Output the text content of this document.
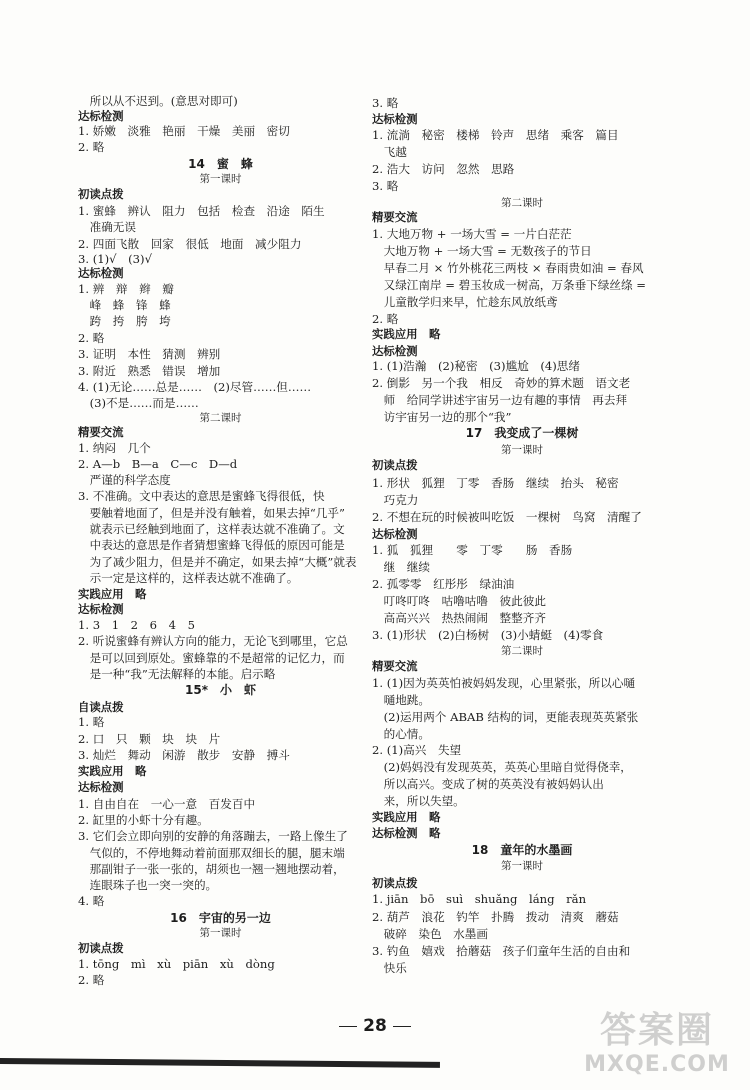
　所以从不迟到。(意思对即可)
达标检测
1. 娇嫩　淡雅　艳丽　干燥　美丽　密切
2. 略
14　蜜　蜂
第一课时
初读点拨
1. 蜜蜂　辨认　阻力　包括　检查　沿途　陌生
　准确无误
2. 四面飞散　回家　很低　地面　减少阻力
3. (1)√　(3)√
达标检测
1. 辨　辩　辫　瓣
　峰　蜂　锋　蜂
　跨　挎　胯　垮
2. 略
3. 证明　本性　猜测　辨别
3. 附近　熟悉　错误　增加
4. (1)无论……总是……　(2)尽管……但……
　(3)不是……而是……
第二课时
精要交流
1. 纳闷　几个
2. A—b　B—a　C—c　D—d
　严谨的科学态度
3. 不准确。文中表达的意思是蜜蜂飞得很低，快
　要触着地面了，但是并没有触着，如果去掉“几乎”
　就表示已经触到地面了，这样表达就不准确了。文
　中表达的意思是作者猜想蜜蜂飞得低的原因可能是
　为了减少阻力，但是并不确定，如果去掉“大概”就表
　示一定是这样的，这样表达就不准确了。
实践应用　略
达标检测
1. 3　1　2　6　4　5
2. 听说蜜蜂有辨认方向的能力，无论飞到哪里，它总
　是可以回到原处。蜜蜂靠的不是超常的记忆力，而
　是一种“我”无法解释的本能。启示略
15*　小　虾
自读点拨
1. 略
2. 口　只　颗　块　块　片
3. 灿烂　舞动　闲游　散步　安静　搏斗
实践应用　略
达标检测
1. 自由自在　一心一意　百发百中
2. 缸里的小虾十分有趣。
3. 它们会立即向别的安静的角落蹦去，一路上像生了
　气似的，不停地舞动着前面那双细长的腿，腿末端
　那副钳子一张一张的，胡须也一翘一翘地摆动着，
　连眼珠子也一突一突的。
4. 略
16　宇宙的另一边
第一课时
初读点拨
1. tōng　mì　xù　piān　xù　dòng
2. 略
3. 略
达标检测
1. 流淌　秘密　楼梯　铃声　思绪　乘客　篇目
　飞越
2. 浩大　访问　忽然　思路
3. 略
第二课时
精要交流
1. 大地万物 + 一场大雪 = 一片白茫茫
　大地万物 + 一场大雪 = 无数孩子的节日
　早春二月 × 竹外桃花三两枝 × 春雨贵如油 = 春风
　又绿江南岸 = 碧玉妆成一树高，万条垂下绿丝绦 =
　儿童散学归来早，忙趁东风放纸鸢
2. 略
实践应用　略
达标检测
1. (1)浩瀚　(2)秘密　(3)尴尬　(4)思绪
2. 倒影　另一个我　相反　奇妙的算术题　语文老
　师　给同学讲述宇宙另一边有趣的事情　再去拜
　访宇宙另一边的那个“我”
17　我变成了一棵树
第一课时
初读点拨
1. 形状　狐狸　丁零　香肠　继续　抬头　秘密
　巧克力
2. 不想在玩的时候被叫吃饭　一棵树　鸟窝　清醒了
达标检测
1. 狐　狐狸　　零　丁零　　肠　香肠
　继　继续
2. 孤零零　红彤彤　绿油油
　叮咚叮咚　咕噜咕噜　彼此彼此
　高高兴兴　热热闹闹　整整齐齐
3. (1)形状　(2)白杨树　(3)小蜻蜓　(4)零食
第二课时
精要交流
1. (1)因为英英怕被妈妈发现，心里紧张，所以心嗵
　嗵地跳。
　(2)运用两个 ABAB 结构的词，更能表现英英紧张
　的心情。
2. (1)高兴　失望
　(2)妈妈没有发现英英，英英心里暗自觉得侥幸，
　所以高兴。变成了树的英英没有被妈妈认出
　来，所以失望。
实践应用　略
达标检测　略
18　童年的水墨画
第一课时
初读点拨
1. jiān　bō　suì　shuǎng　láng　rǎn
2. 葫芦　浪花　钓竿　扑腾　拨动　清爽　蘑菇
　破碎　染色　水墨画
3. 钓鱼　嬉戏　拾蘑菇　孩子们童年生活的自由和
　快乐
28	答案圈
MXQE.COM
